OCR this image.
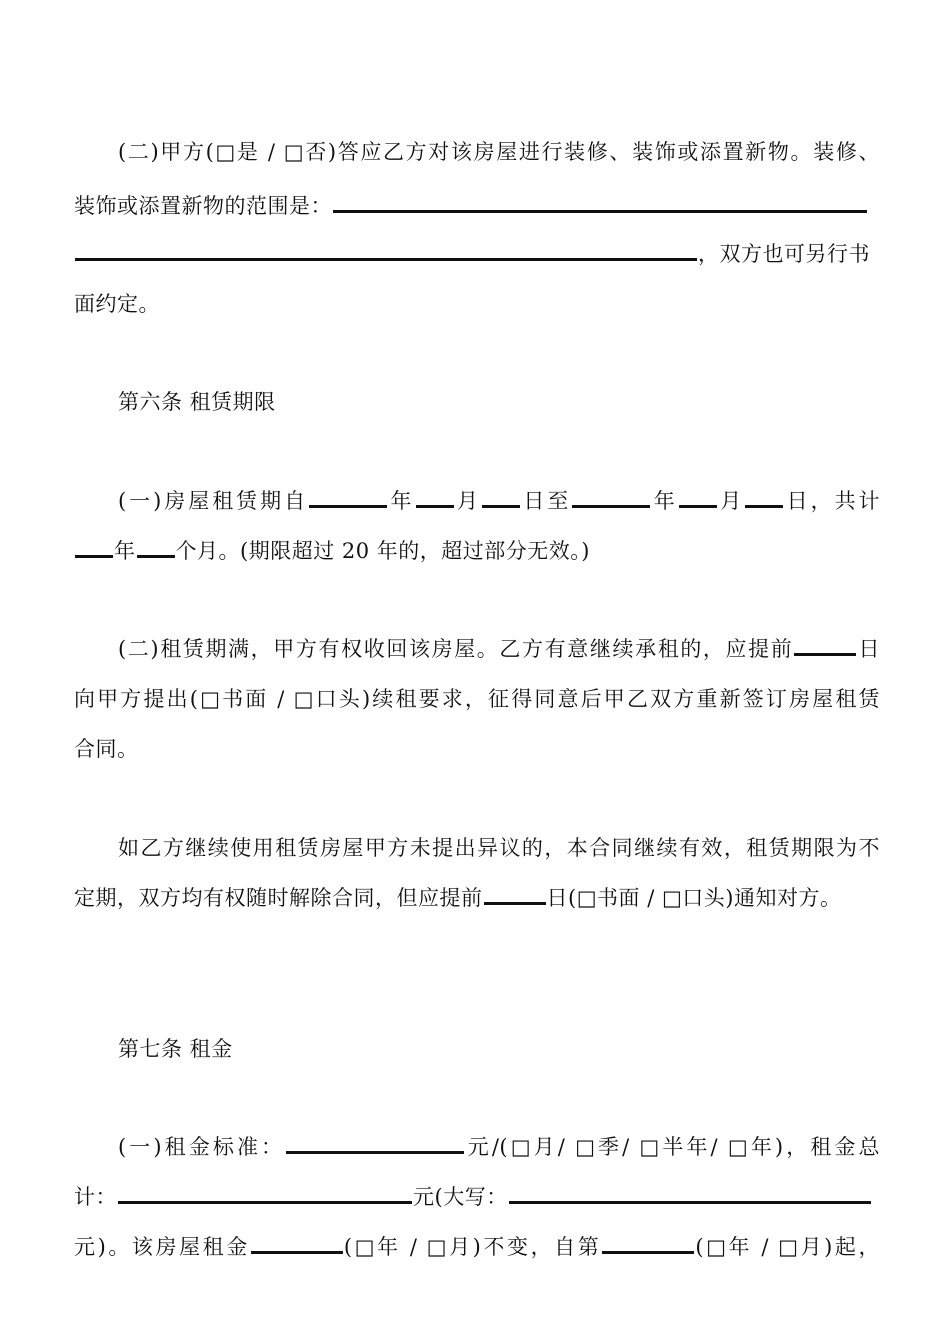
(二)甲方(□是 / □否)答应乙方对该房屋进行装修、装饰或添置新物。装修、
装饰或添置新物的范围是：
，双方也可另行书
面约定。
第六条 租赁期限
(一)房屋租赁期自	年 月 日至	年 月 日，共计
年 个月。(期限超过 20 年的，超过部分无效。)
(二)租赁期满，甲方有权收回该房屋。乙方有意继续承租的，应提前	日
向甲方提出(□书面 / □口头)续租要求，征得同意后甲乙双方重新签订房屋租赁
合同。
如乙方继续使用租赁房屋甲方未提出异议的，本合同继续有效，租赁期限为不
定期，双方均有权随时解除合同，但应提前	日(□书面 / □口头)通知对方。
第七条 租金
(一)租金标准：	元/(□月/ □季/ □半年/ □年)，租金总
计：	元(大写：
元)。该房屋租金	(□年 / □月)不变，自第	(□年 / □月)起，
